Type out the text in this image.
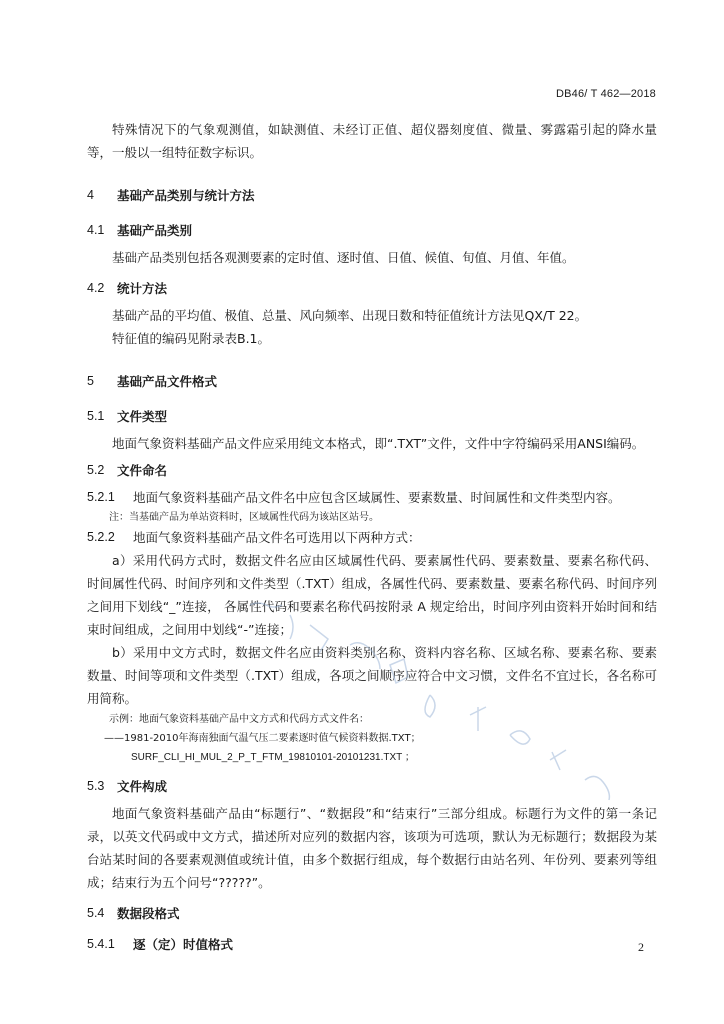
DB46/ T 462—2018

特殊情况下的气象观测值，如缺测值、未经订正值、超仪器刻度值、微量、雾露霜引起的降水量等，一般以一组特征数字标识。

4	基础产品类别与统计方法
4.1	基础产品类别

基础产品类别包括各观测要素的定时值、逐时值、日值、候值、旬值、月值、年值。

4.2	统计方法

基础产品的平均值、极值、总量、风向频率、出现日数和特征值统计方法见QX/T 22。

特征值的编码见附录表B.1。

5	基础产品文件格式
5.1	文件类型

地面气象资料基础产品文件应采用纯文本格式，即“.TXT”文件，文件中字符编码采用ANSI编码。

5.2	文件命名
5.2.1	地面气象资料基础产品文件名中应包含区域属性、要素数量、时间属性和文件类型内容。

注：当基础产品为单站资料时，区域属性代码为该站区站号。

5.2.2	地面气象资料基础产品文件名可选用以下两种方式：

a）采用代码方式时，数据文件名应由区域属性代码、要素属性代码、要素数量、要素名称代码、 时间属性代码、时间序列和文件类型（.TXT）组成，各属性代码、要素数量、要素名称代码、时间序列之间用下划线“_”连接， 各属性代码和要素名称代码按附录 A 规定给出，时间序列由资料开始时间和结束时间组成，之间用中划线“-”连接；

b）采用中文方式时，数据文件名应由资料类别名称、资料内容名称、区域名称、要素名称、要素数量、时间等项和文件类型（.TXT）组成，各项之间顺序应符合中文习惯，文件名不宜过长，各名称可用简称。

示例：地面气象资料基础产品中文方式和代码方式文件名：

——1981-2010年海南独面气温气压二要素逐时值气候资料数据.TXT；

SURF_CLI_HI_MUL_2_P_T_FTM_19810101-20101231.TXT ；

5.3	文件构成

地面气象资料基础产品由“标题行”、“数据段”和“结束行”三部分组成。标题行为文件的第一条记录，以英文代码或中文方式，描述所对应列的数据内容，该项为可选项，默认为无标题行；数据段为某台站某时间的各要素观测值或统计值，由多个数据行组成，每个数据行由站名列、年份列、要素列等组成；结束行为五个问号“?????”。

5.4	数据段格式
5.4.1	逐（定）时值格式	2
